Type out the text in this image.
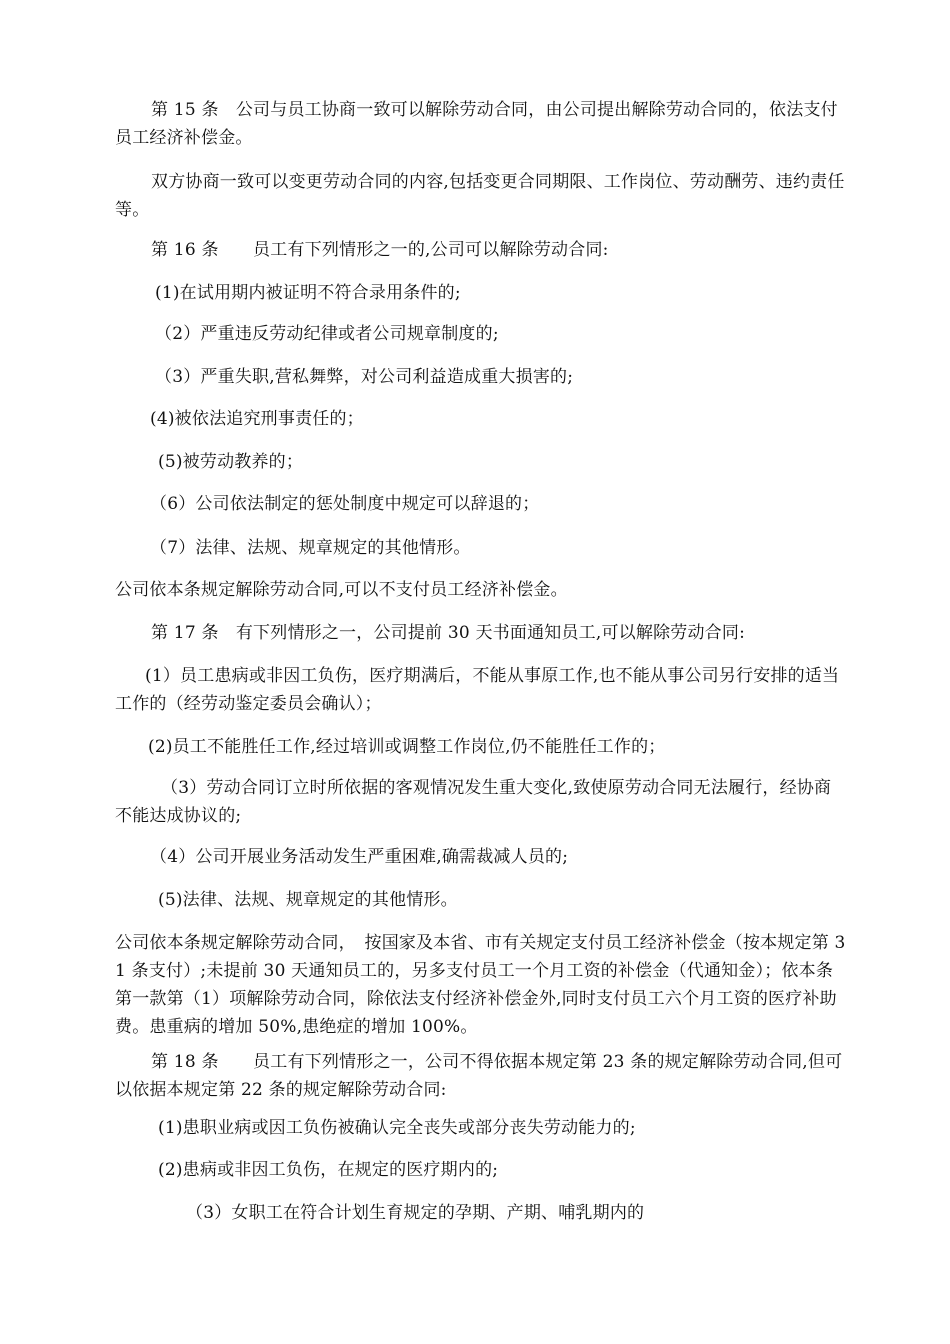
第 15 条　公司与员工协商一致可以解除劳动合同，由公司提出解除劳动合同的，依法支付员工经济补偿金。
双方协商一致可以变更劳动合同的内容,包括变更合同期限、工作岗位、劳动酬劳、违约责任等。
第 16 条　　员工有下列情形之一的,公司可以解除劳动合同:
(1)在试用期内被证明不符合录用条件的;
（2）严重违反劳动纪律或者公司规章制度的;
（3）严重失职,营私舞弊，对公司利益造成重大损害的;
(4)被依法追究刑事责任的；
(5)被劳动教养的；
（6）公司依法制定的惩处制度中规定可以辞退的；
（7）法律、法规、规章规定的其他情形。
公司依本条规定解除劳动合同,可以不支付员工经济补偿金。
第 17 条　有下列情形之一，公司提前 30 天书面通知员工,可以解除劳动合同:
(1）员工患病或非因工负伤，医疗期满后，不能从事原工作,也不能从事公司另行安排的适当工作的（经劳动鉴定委员会确认）；
(2)员工不能胜任工作,经过培训或调整工作岗位,仍不能胜任工作的；
（3）劳动合同订立时所依据的客观情况发生重大变化,致使原劳动合同无法履行，经协商不能达成协议的;
（4）公司开展业务活动发生严重困难,确需裁减人员的;
(5)法律、法规、规章规定的其他情形。
公司依本条规定解除劳动合同，　按国家及本省、市有关规定支付员工经济补偿金（按本规定第 31 条支付）;未提前 30 天通知员工的，另多支付员工一个月工资的补偿金（代通知金）；依本条第一款第（1）项解除劳动合同，除依法支付经济补偿金外,同时支付员工六个月工资的医疗补助费。患重病的增加 50%,患绝症的增加 100%。
第 18 条　　员工有下列情形之一，公司不得依据本规定第 23 条的规定解除劳动合同,但可以依据本规定第 22 条的规定解除劳动合同:
(1)患职业病或因工负伤被确认完全丧失或部分丧失劳动能力的;
(2)患病或非因工负伤，在规定的医疗期内的;
（3）女职工在符合计划生育规定的孕期、产期、哺乳期内的
